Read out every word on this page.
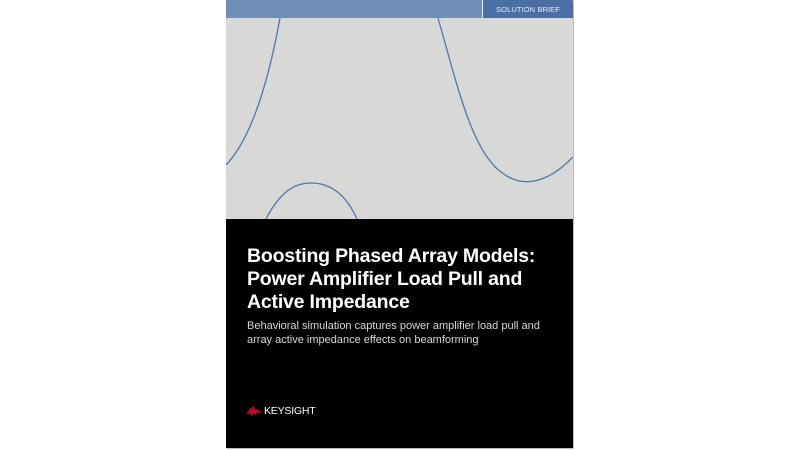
SOLUTION BRIEF
Boosting Phased Array Models:
Power Amplifier Load Pull and
Active Impedance
Behavioral simulation captures power amplifier load pull and
array active impedance effects on beamforming
KEYSIGHT
